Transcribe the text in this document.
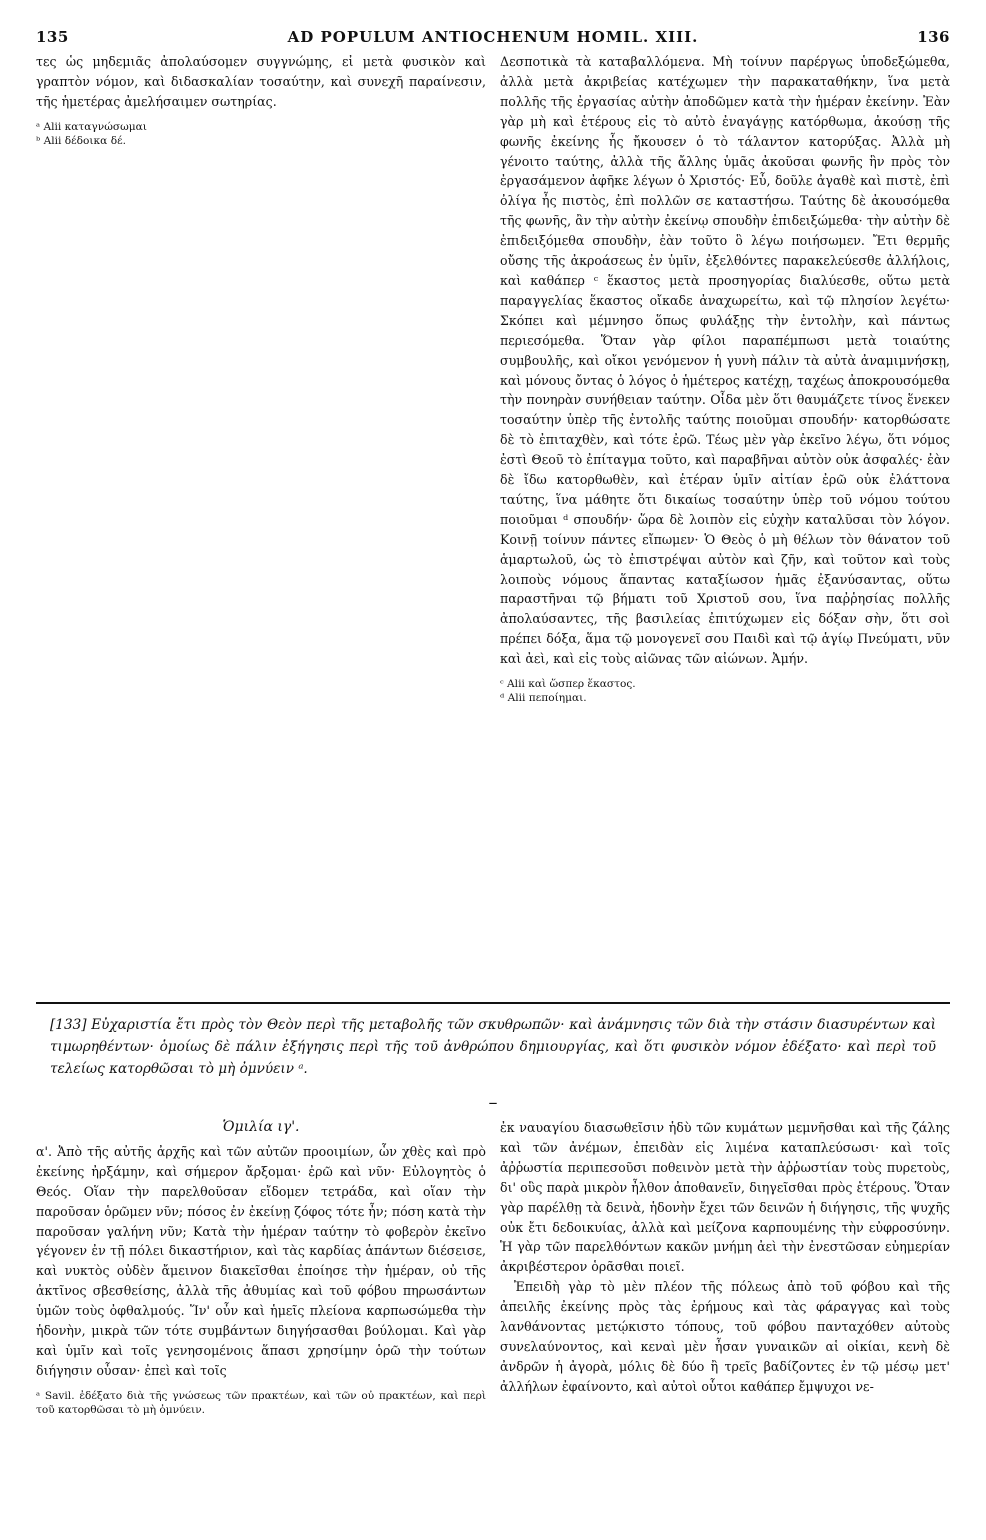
135	AD POPULUM ANTIOCHENUM HOMIL. XIII.	136

τες ὡς μηδεμιᾶς ἀπολαύσομεν συγγνώμης, εἰ μετὰ φυσικὸν καὶ γραπτὸν νόμον, καὶ διδασκαλίαν τοσαύτην, καὶ συνεχῆ παραίνεσιν, τῆς ἡμετέρας ἀμελήσαιμεν σωτηρίας.

ᵃ Alii καταγνώσωμαι
ᵇ Alii δέδοικα δέ.

Δεσποτικὰ τὰ καταβαλλόμενα. Μὴ τοίνυν παρέργως ὑποδεξώμεθα, ἀλλὰ μετὰ ἀκριβείας κατέχωμεν τὴν παρακαταθήκην, ἵνα μετὰ πολλῆς τῆς ἐργασίας αὐτὴν ἀποδῶμεν κατὰ τὴν ἡμέραν ἐκείνην. Ἐὰν γὰρ μὴ καὶ ἑτέρους εἰς τὸ αὐτὸ ἐναγάγῃς κατόρθωμα, ἀκούσῃ τῆς φωνῆς ἐκείνης ἧς ἤκουσεν ὁ τὸ τάλαντον κατορύξας. Ἀλλὰ μὴ γένοιτο ταύτης, ἀλλὰ τῆς ἄλλης ὑμᾶς ἀκοῦσαι φωνῆς ἣν πρὸς τὸν ἐργασάμενον ἀφῆκε λέγων ὁ Χριστός· Εὖ, δοῦλε ἀγαθὲ καὶ πιστὲ, ἐπὶ ὀλίγα ἦς πιστὸς, ἐπὶ πολλῶν σε καταστήσω. Ταύτης δὲ ἀκουσόμεθα τῆς φωνῆς, ἂν τὴν αὐτὴν ἐκείνῳ σπουδὴν ἐπιδειξώμεθα· τὴν αὐτὴν δὲ ἐπιδειξόμεθα σπουδὴν, ἐὰν τοῦτο ὃ λέγω ποιήσωμεν. Ἔτι θερμῆς οὔσης τῆς ἀκροάσεως ἐν ὑμῖν, ἐξελθόντες παρακελεύεσθε ἀλλήλοις, καὶ καθάπερ ᶜ ἕκαστος μετὰ προσηγορίας διαλύεσθε, οὕτω μετὰ παραγγελίας ἕκαστος οἴκαδε ἀναχωρείτω, καὶ τῷ πλησίον λεγέτω· Σκόπει καὶ μέμνησο ὅπως φυλάξῃς τὴν ἐντολὴν, καὶ πάντως περιεσόμεθα. Ὅταν γὰρ φίλοι παραπέμπωσι μετὰ τοιαύτης συμβουλῆς, καὶ οἴκοι γενόμενον ἡ γυνὴ πάλιν τὰ αὐτὰ ἀναμιμνήσκῃ, καὶ μόνους ὄντας ὁ λόγος ὁ ἡμέτερος κατέχῃ, ταχέως ἀποκρουσόμεθα τὴν πονηρὰν συνήθειαν ταύτην. Οἶδα μὲν ὅτι θαυμάζετε τίνος ἕνεκεν τοσαύτην ὑπὲρ τῆς ἐντολῆς ταύτης ποιοῦμαι σπουδήν· κατορθώσατε δὲ τὸ ἐπιταχθὲν, καὶ τότε ἐρῶ. Τέως μὲν γὰρ ἐκεῖνο λέγω, ὅτι νόμος ἐστὶ Θεοῦ τὸ ἐπίταγμα τοῦτο, καὶ παραβῆναι αὐτὸν οὐκ ἀσφαλές· ἐὰν δὲ ἴδω κατορθωθὲν, καὶ ἑτέραν ὑμῖν αἰτίαν ἐρῶ οὐκ ἐλάττονα ταύτης, ἵνα μάθητε ὅτι δικαίως τοσαύτην ὑπὲρ τοῦ νόμου τούτου ποιοῦμαι ᵈ σπουδήν· ὥρα δὲ λοιπὸν εἰς εὐχὴν καταλῦσαι τὸν λόγον. Κοινῇ τοίνυν πάντες εἴπωμεν· Ὁ Θεὸς ὁ μὴ θέλων τὸν θάνατον τοῦ ἁμαρτωλοῦ, ὡς τὸ ἐπιστρέψαι αὐτὸν καὶ ζῆν, καὶ τοῦτον καὶ τοὺς λοιποὺς νόμους ἅπαντας καταξίωσον ἡμᾶς ἐξανύσαντας, οὕτω παραστῆναι τῷ βήματι τοῦ Χριστοῦ σου, ἵνα παῤῥησίας πολλῆς ἀπολαύσαντες, τῆς βασιλείας ἐπιτύχωμεν εἰς δόξαν σὴν, ὅτι σοὶ πρέπει δόξα, ἅμα τῷ μονογενεῖ σου Παιδὶ καὶ τῷ ἁγίῳ Πνεύματι, νῦν καὶ ἀεὶ, καὶ εἰς τοὺς αἰῶνας τῶν αἰώνων. Ἀμήν.

ᶜ Alii καὶ ὥσπερ ἕκαστος.
ᵈ Alii πεποίημαι.
[133] Εὐχαριστία ἔτι πρὸς τὸν Θεὸν περὶ τῆς μεταβολῆς τῶν σκυθρωπῶν· καὶ ἀνάμνησις τῶν διὰ τὴν στάσιν διασυρέντων καὶ τιμωρηθέντων· ὁμοίως δὲ πάλιν ἐξήγησις περὶ τῆς τοῦ ἀνθρώπου δημιουργίας, καὶ ὅτι φυσικὸν νόμον ἐδέξατο· καὶ περὶ τοῦ τελείως κατορθῶσαι τὸ μὴ ὀμνύειν ᵃ.
–
Ὁμιλία ιγ'.

α'. Ἀπὸ τῆς αὐτῆς ἀρχῆς καὶ τῶν αὐτῶν προοιμίων, ὧν χθὲς καὶ πρὸ ἐκείνης ἠρξάμην, καὶ σήμερον ἄρξομαι· ἐρῶ καὶ νῦν· Εὐλογητὸς ὁ Θεός. Οἵαν τὴν παρελθοῦσαν εἴδομεν τετράδα, καὶ οἵαν τὴν παροῦσαν ὁρῶμεν νῦν; πόσος ἐν ἐκείνῃ ζόφος τότε ἦν; πόση κατὰ τὴν παροῦσαν γαλήνη νῦν; Κατὰ τὴν ἡμέραν ταύτην τὸ φοβερὸν ἐκεῖνο γέγονεν ἐν τῇ πόλει δικαστήριον, καὶ τὰς καρδίας ἁπάντων διέσεισε, καὶ νυκτὸς οὐδὲν ἄμεινον διακεῖσθαι ἐποίησε τὴν ἡμέραν, οὐ τῆς ἀκτῖνος σβεσθείσης, ἀλλὰ τῆς ἀθυμίας καὶ τοῦ φόβου πηρωσάντων ὑμῶν τοὺς ὀφθαλμούς. Ἵν' οὖν καὶ ἡμεῖς πλείονα καρπωσώμεθα τὴν ἡδονὴν, μικρὰ τῶν τότε συμβάντων διηγήσασθαι βούλομαι. Καὶ γὰρ καὶ ὑμῖν καὶ τοῖς γενησομένοις ἅπασι χρησίμην ὁρῶ τὴν τούτων διήγησιν οὖσαν· ἐπεὶ καὶ τοῖς

ᵃ Savil. ἐδέξατο διὰ τῆς γνώσεως τῶν πρακτέων, καὶ τῶν οὐ πρακτέων, καὶ περὶ τοῦ κατορθῶσαι τὸ μὴ ὀμνύειν.

ἐκ ναυαγίου διασωθεῖσιν ἡδὺ τῶν κυμάτων μεμνῆσθαι καὶ τῆς ζάλης καὶ τῶν ἀνέμων, ἐπειδὰν εἰς λιμένα καταπλεύσωσι· καὶ τοῖς ἀῤῥωστία περιπεσοῦσι ποθεινὸν μετὰ τὴν ἀῤῥωστίαν τοὺς πυρετοὺς, δι' οὓς παρὰ μικρὸν ἦλθον ἀποθανεῖν, διηγεῖσθαι πρὸς ἑτέρους. Ὅταν γὰρ παρέλθῃ τὰ δεινὰ, ἡδονὴν ἔχει τῶν δεινῶν ἡ διήγησις, τῆς ψυχῆς οὐκ ἔτι δεδοικυίας, ἀλλὰ καὶ μείζονα καρπουμένης τὴν εὐφροσύνην. Ἡ γὰρ τῶν παρελθόντων κακῶν μνήμη ἀεὶ τὴν ἐνεστῶσαν εὐημερίαν ἀκριβέστερον ὁρᾶσθαι ποιεῖ.

Ἐπειδὴ γὰρ τὸ μὲν πλέον τῆς πόλεως ἀπὸ τοῦ φόβου καὶ τῆς ἀπειλῆς ἐκείνης πρὸς τὰς ἐρήμους καὶ τὰς φάραγγας καὶ τοὺς λανθάνοντας μετῴκιστο τόπους, τοῦ φόβου πανταχόθεν αὐτοὺς συνελαύνοντος, καὶ κεναὶ μὲν ἦσαν γυναικῶν αἱ οἰκίαι, κενὴ δὲ ἀνδρῶν ἡ ἀγορὰ, μόλις δὲ δύο ἢ τρεῖς βαδίζοντες ἐν τῷ μέσῳ μετ' ἀλλήλων ἐφαίνοντο, καὶ αὐτοὶ οὗτοι καθάπερ ἔμψυχοι νε-
